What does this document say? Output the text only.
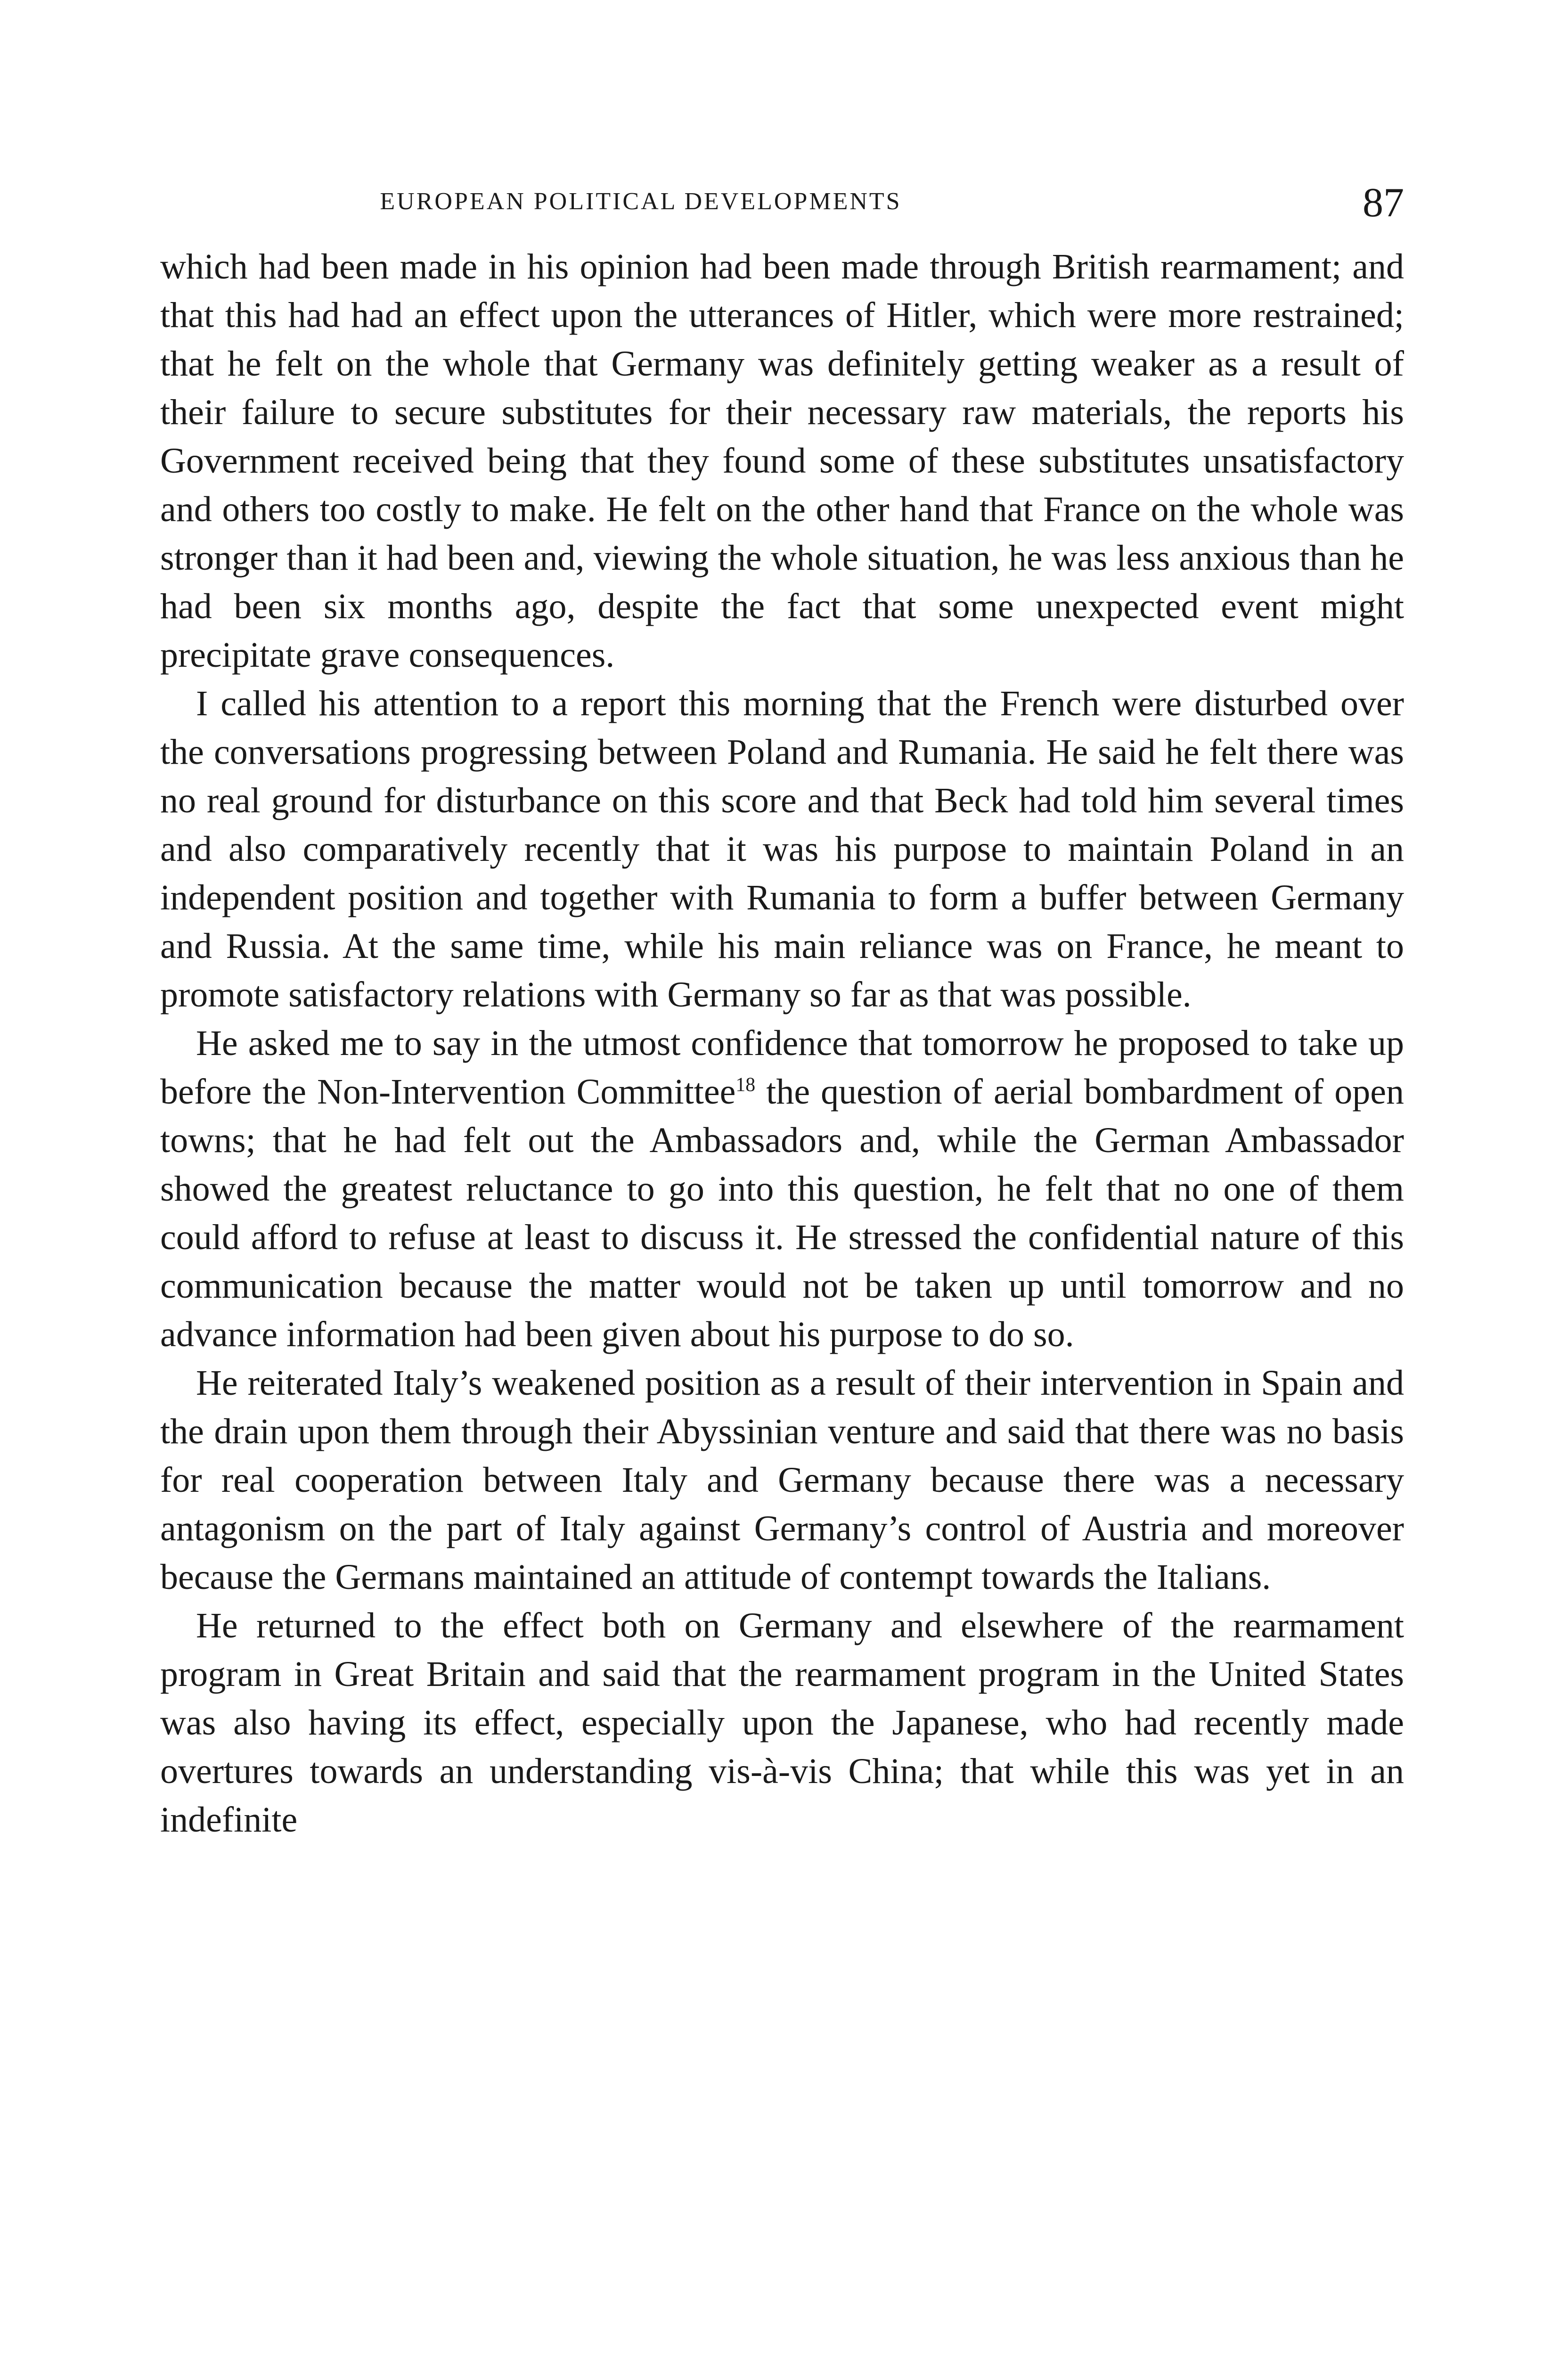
EUROPEAN POLITICAL DEVELOPMENTS	87

which had been made in his opinion had been made through British rearmament; and that this had had an effect upon the utterances of Hitler, which were more restrained; that he felt on the whole that Germany was definitely getting weaker as a result of their failure to secure substitutes for their necessary raw materials, the reports his Government received being that they found some of these substitutes unsatisfactory and others too costly to make. He felt on the other hand that France on the whole was stronger than it had been and, viewing the whole situation, he was less anxious than he had been six months ago, despite the fact that some unexpected event might precipitate grave consequences.

I called his attention to a report this morning that the French were disturbed over the conversations progressing between Poland and Rumania. He said he felt there was no real ground for disturbance on this score and that Beck had told him several times and also comparatively recently that it was his purpose to maintain Poland in an independent position and together with Rumania to form a buffer between Germany and Russia. At the same time, while his main reliance was on France, he meant to promote satisfactory relations with Germany so far as that was possible.

He asked me to say in the utmost confidence that tomorrow he proposed to take up before the Non-Intervention Committee$^{18}$ the question of aerial bombardment of open towns; that he had felt out the Ambassadors and, while the German Ambassador showed the greatest reluctance to go into this question, he felt that no one of them could afford to refuse at least to discuss it. He stressed the confidential nature of this communication because the matter would not be taken up until tomorrow and no advance information had been given about his purpose to do so.

He reiterated Italy’s weakened position as a result of their intervention in Spain and the drain upon them through their Abyssinian venture and said that there was no basis for real cooperation between Italy and Germany because there was a necessary antagonism on the part of Italy against Germany’s control of Austria and moreover because the Germans maintained an attitude of contempt towards the Italians.

He returned to the effect both on Germany and elsewhere of the rearmament program in Great Britain and said that the rearmament program in the United States was also having its effect, especially upon the Japanese, who had recently made overtures towards an understanding vis-à-vis China; that while this was yet in an indefinite
